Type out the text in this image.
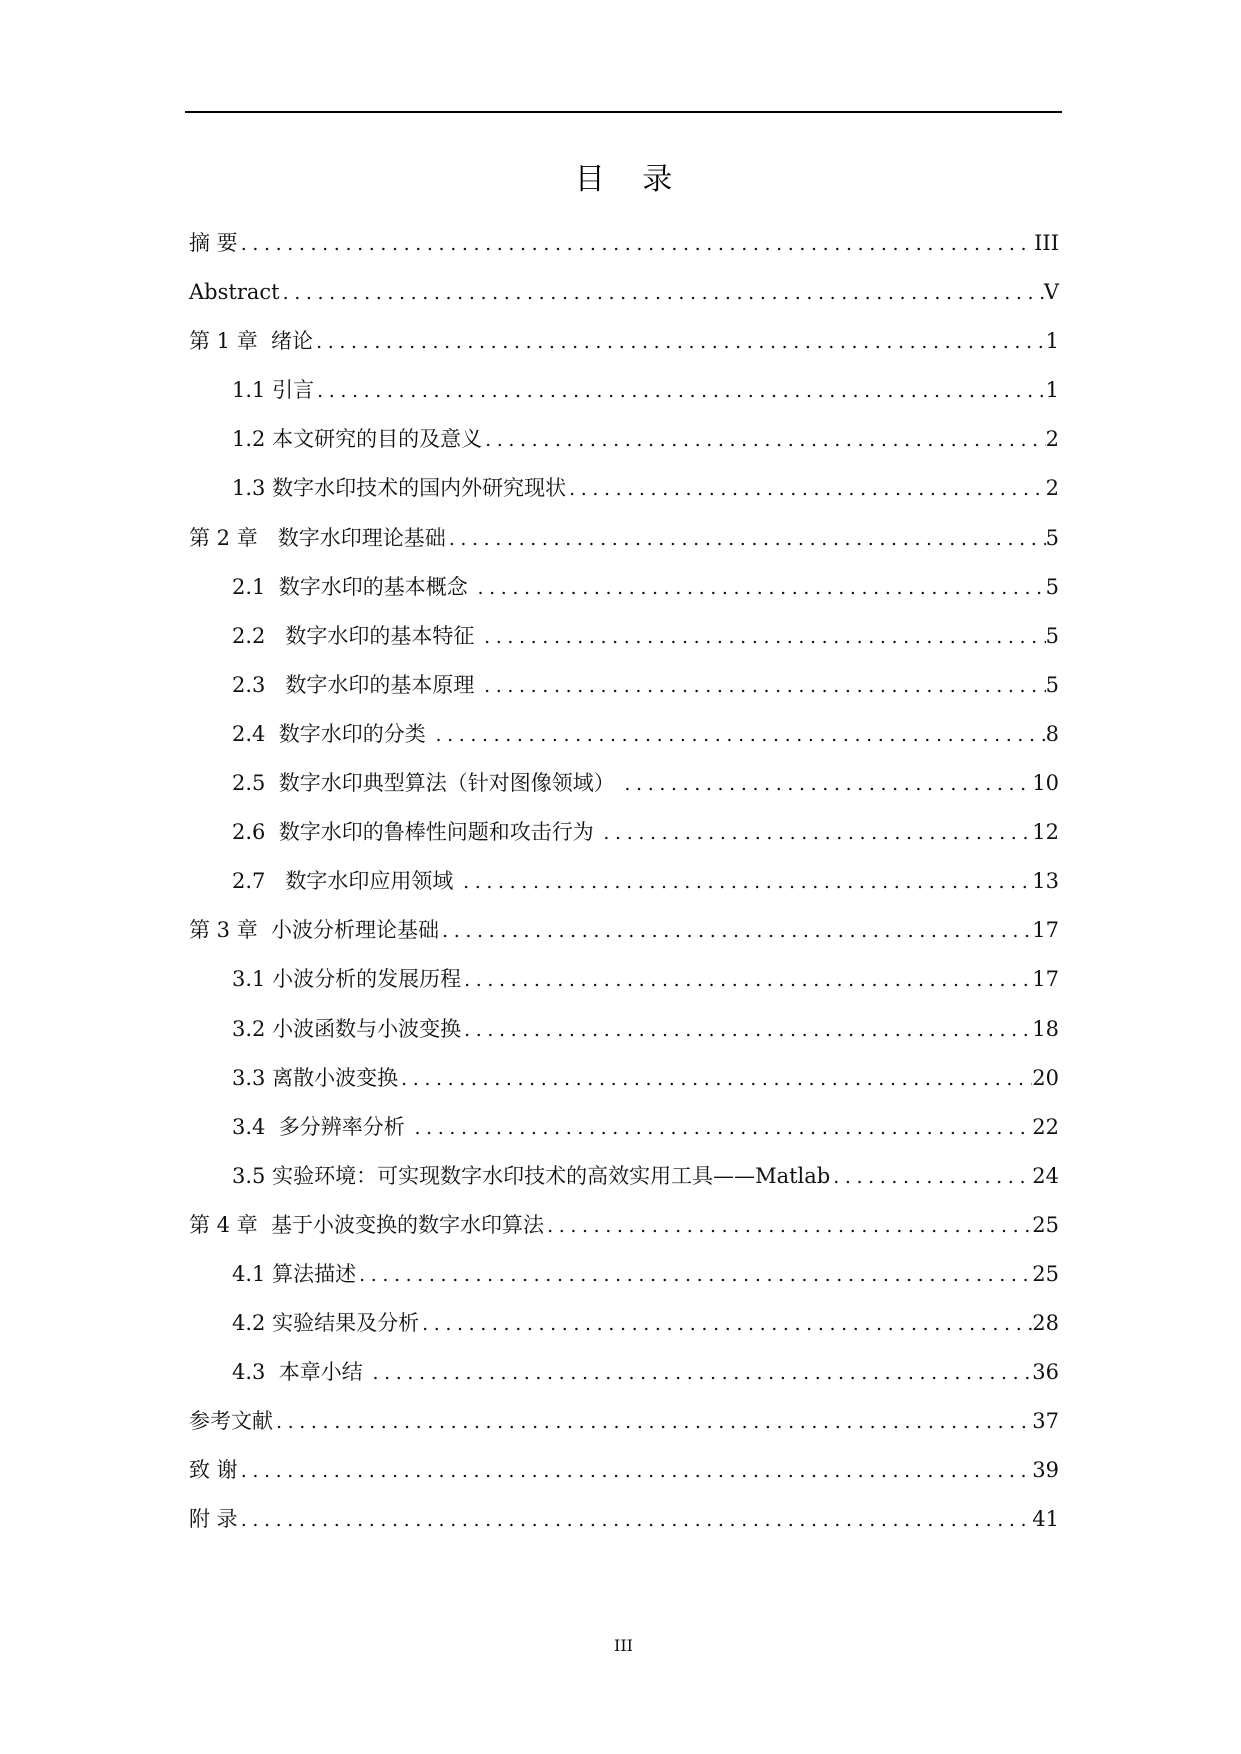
目 录
摘 要 .....	III
Abstract .....	V
第 1 章  绪论 .....	1
1.1 引言 .....	1
1.2 本文研究的目的及意义 .....	2
1.3 数字水印技术的国内外研究现状 .....	2
第 2 章   数字水印理论基础 .....	5
2.1  数字水印的基本概念 .....	5
2.2   数字水印的基本特征 .....	5
2.3   数字水印的基本原理 .....	5
2.4  数字水印的分类 .....	8
2.5  数字水印典型算法（针对图像领域） .....	10
2.6  数字水印的鲁棒性问题和攻击行为 .....	12
2.7   数字水印应用领域 .....	13
第 3 章  小波分析理论基础 .....	17
3.1 小波分析的发展历程 .....	17
3.2 小波函数与小波变换 .....	18
3.3 离散小波变换 .....	20
3.4  多分辨率分析 .....	22
3.5 实验环境：可实现数字水印技术的高效实用工具——Matlab .....	24
第 4 章  基于小波变换的数字水印算法 .....	25
4.1 算法描述 .....	25
4.2 实验结果及分析 .....	28
4.3  本章小结 .....	36
参考文献 .....	37
致 谢 .....	39
附 录 .....	41
III
